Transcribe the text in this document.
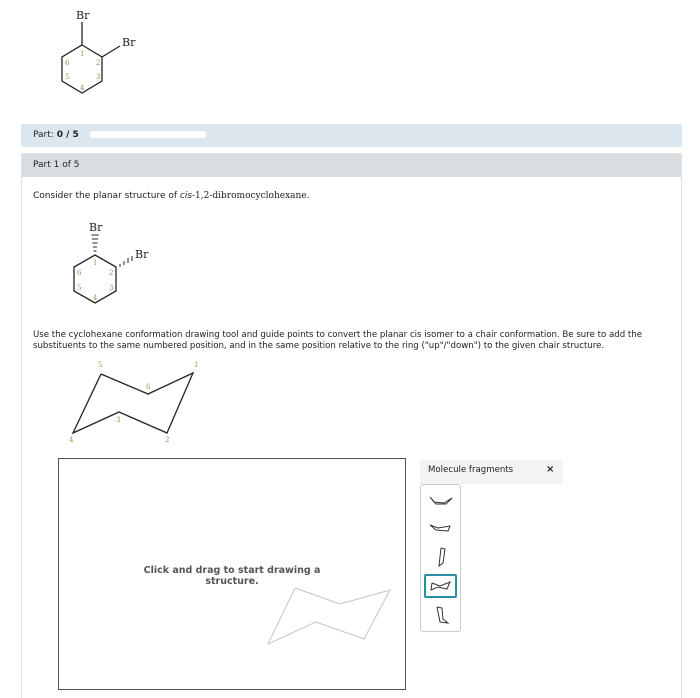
Br
Br
1
2
3
4
5
6
Part: 0 / 5
Part 1 of 5
Consider the planar structure of cis-1,2-dibromocyclohexane.
Br
Br
1
2
3
4
5
6
Use the cyclohexane conformation drawing tool and guide points to convert the planar cis isomer to a chair conformation. Be sure to add the substituents to the same numbered position, and in the same position relative to the ring ("up"/"down") to the given chair structure.
5	1
6
3
4	2
Click and drag to start drawing a structure.
Molecule fragments	×
